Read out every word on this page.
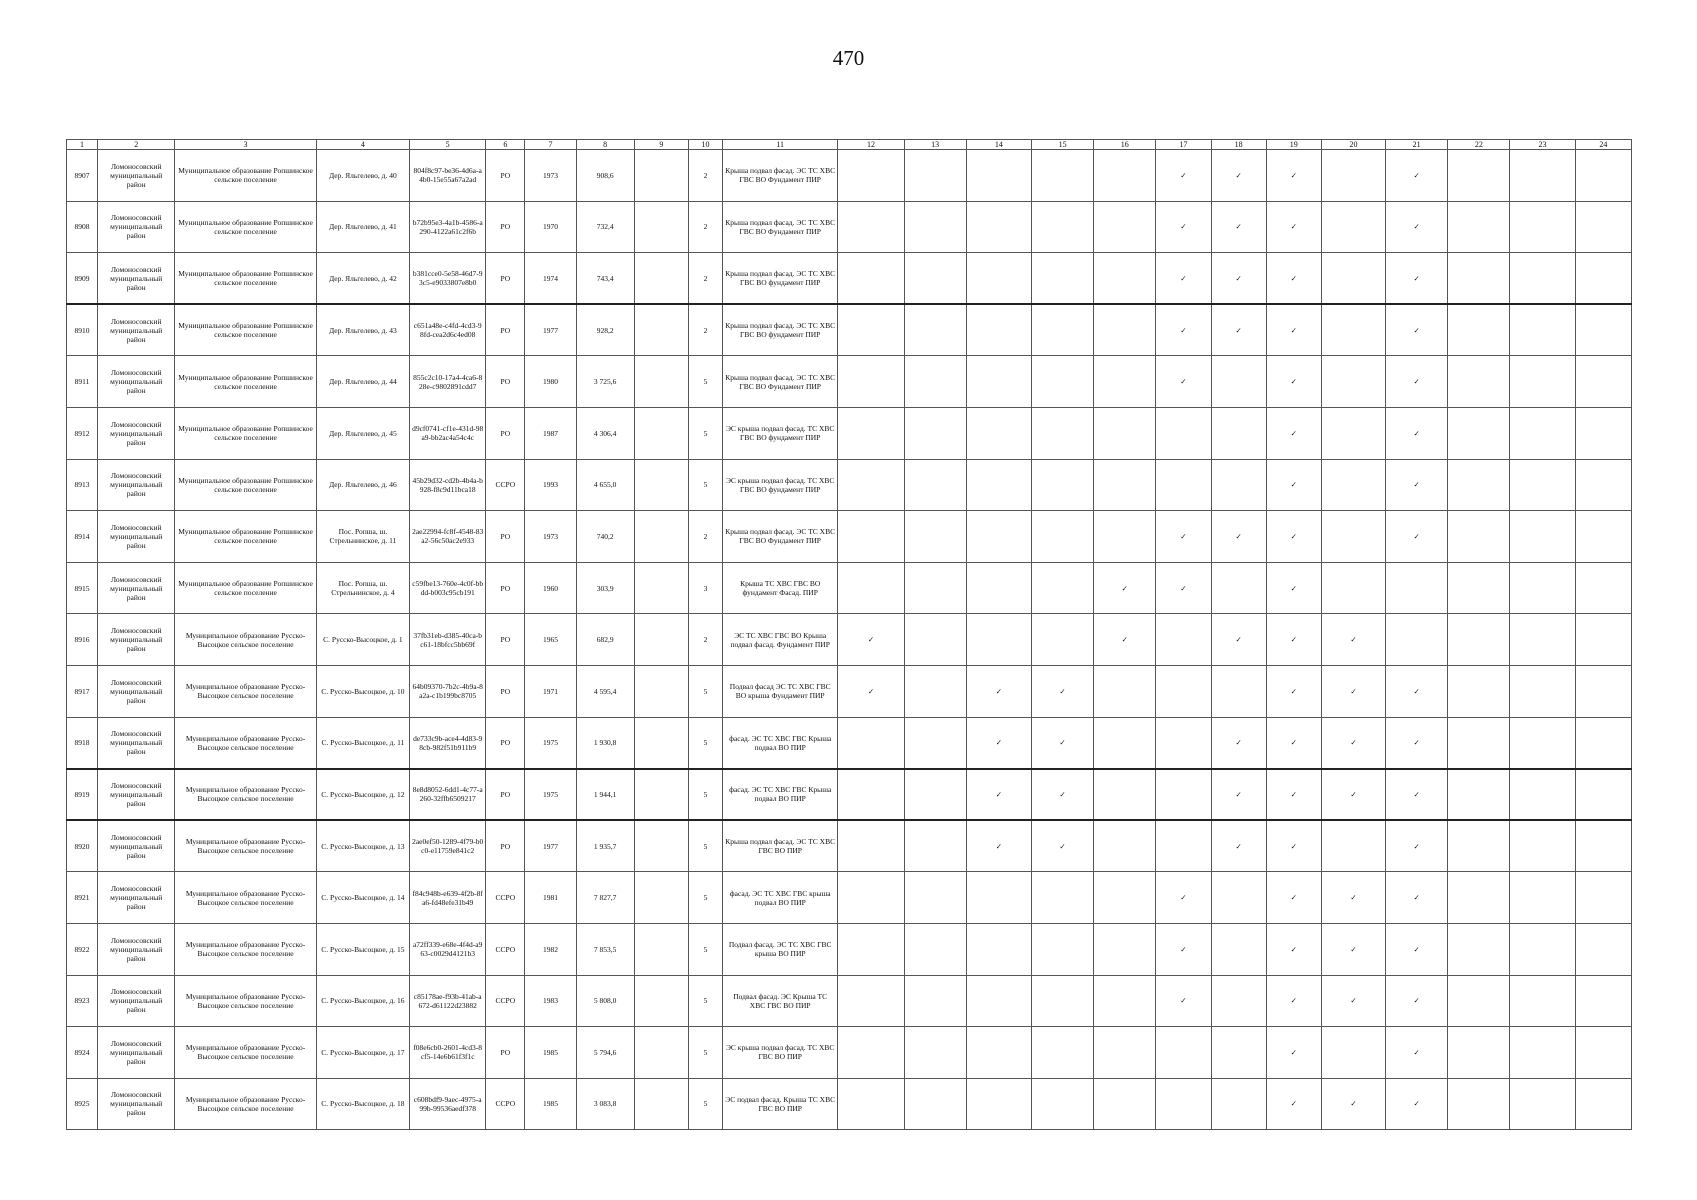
470
1	2	3	4	5	6	7	8	9	10	11	12	13	14	15	16	17	18	19	20	21	22	23	24
8907	Ломоносовский муниципальный район	Муниципальное образование Ропшинское сельское поселение	Дер. Яльгелево, д. 40	804f8c97-be36-4d6a-a4b0-15e55a67a2ad	РО	1973	908,6		2	Крыша подвал фасад. ЭС ТС ХВС ГВС ВО Фундамент ПИР						✓	✓	✓		✓			
8908	Ломоносовский муниципальный район	Муниципальное образование Ропшинское сельское поселение	Дер. Яльгелево, д. 41	b72b95e3-4a1b-4586-a290-4122a61c2f6b	РО	1970	732,4		2	Крыша подвал фасад. ЭС ТС ХВС ГВС ВО Фундамент ПИР						✓	✓	✓		✓			
8909	Ломоносовский муниципальный район	Муниципальное образование Ропшинское сельское поселение	Дер. Яльгелево, д. 42	b381cce0-5e58-46d7-93c5-e9033807e8b0	РО	1974	743,4		2	Крыша подвал фасад. ЭС ТС ХВС ГВС ВО фундамент ПИР						✓	✓	✓		✓			
8910	Ломоносовский муниципальный район	Муниципальное образование Ропшинское сельское поселение	Дер. Яльгелево, д. 43	c651a48e-c4fd-4cd3-98fd-cea2d6c4ed08	РО	1977	928,2		2	Крыша подвал фасад. ЭС ТС ХВС ГВС ВО фундамент ПИР						✓	✓	✓		✓			
8911	Ломоносовский муниципальный район	Муниципальное образование Ропшинское сельское поселение	Дер. Яльгелево, д. 44	855c2c10-17a4-4ca6-828e-c9802891cdd7	РО	1980	3 725,6		5	Крыша подвал фасад. ЭС ТС ХВС ГВС ВО Фундамент ПИР						✓		✓		✓			
8912	Ломоносовский муниципальный район	Муниципальное образование Ропшинское сельское поселение	Дер. Яльгелево, д. 45	d9cf0741-cf1e-431d-98a9-bb2ac4a54c4c	РО	1987	4 306,4		5	ЭС крыша подвал фасад. ТС ХВС ГВС ВО фундамент ПИР								✓		✓			
8913	Ломоносовский муниципальный район	Муниципальное образование Ропшинское сельское поселение	Дер. Яльгелево, д. 46	45b29d32-cd2b-4b4a-b928-f8c9d11bca18	ССРО	1993	4 655,0		5	ЭС крыша подвал фасад. ТС ХВС ГВС ВО фундамент ПИР								✓		✓			
8914	Ломоносовский муниципальный район	Муниципальное образование Ропшинское сельское поселение	Пос. Ропша, ш. Стрельнинское, д. 11	2ae22994-fc8f-4548-83a2-56c50ac2e933	РО	1973	740,2		2	Крыша подвал фасад. ЭС ТС ХВС ГВС ВО Фундамент ПИР						✓	✓	✓		✓			
8915	Ломоносовский муниципальный район	Муниципальное образование Ропшинское сельское поселение	Пос. Ропша, ш. Стрельнинское, д. 4	c59fbe13-760e-4c0f-bbdd-b003c95cb191	РО	1960	303,9		3	Крыша ТС ХВС ГВС ВО фундамент Фасад. ПИР					✓	✓		✓					
8916	Ломоносовский муниципальный район	Муниципальное образование Русско-Высоцкое сельское поселение	С. Русско-Высоцкое, д. 1	37fb31eb-d385-40ca-bc61-18bfcc5bb69f	РО	1965	682,9		2	ЭС ТС ХВС ГВС ВО Крыша подвал фасад. Фундамент ПИР	✓				✓		✓	✓	✓				
8917	Ломоносовский муниципальный район	Муниципальное образование Русско-Высоцкое сельское поселение	С. Русско-Высоцкое, д. 10	64b09370-7b2c-4b9a-8a2a-c1b199bc8705	РО	1971	4 595,4		5	Подвал фасад ЭС ТС ХВС ГВС ВО крыша Фундамент ПИР	✓		✓	✓				✓	✓	✓			
8918	Ломоносовский муниципальный район	Муниципальное образование Русско-Высоцкое сельское поселение	С. Русско-Высоцкое, д. 11	de733c9b-ace4-4d83-98cb-982f51b911b9	РО	1975	1 930,8		5	фасад. ЭС ТС ХВС ГВС Крыша подвал ВО ПИР			✓	✓			✓	✓	✓	✓			
8919	Ломоносовский муниципальный район	Муниципальное образование Русско-Высоцкое сельское поселение	С. Русско-Высоцкое, д. 12	8e8d8052-6dd1-4c77-a260-32ffb6509217	РО	1975	1 944,1		5	фасад. ЭС ТС ХВС ГВС Крыша подвал ВО ПИР			✓	✓			✓	✓	✓	✓			
8920	Ломоносовский муниципальный район	Муниципальное образование Русско-Высоцкое сельское поселение	С. Русско-Высоцкое, д. 13	2ae0ef50-1289-4f79-b0c0-e11759e841c2	РО	1977	1 935,7		5	Крыша подвал фасад. ЭС ТС ХВС ГВС ВО ПИР			✓	✓			✓	✓		✓			
8921	Ломоносовский муниципальный район	Муниципальное образование Русско-Высоцкое сельское поселение	С. Русско-Высоцкое, д. 14	f84c948b-e639-4f2b-8fa6-fd48efe31b49	ССРО	1981	7 827,7		5	фасад. ЭС ТС ХВС ГВС крыша подвал ВО ПИР						✓		✓	✓	✓			
8922	Ломоносовский муниципальный район	Муниципальное образование Русско-Высоцкое сельское поселение	С. Русско-Высоцкое, д. 15	a72ff339-e68e-4f4d-a963-c0029d4121b3	ССРО	1982	7 853,5		5	Подвал фасад. ЭС ТС ХВС ГВС крыша ВО ПИР						✓		✓	✓	✓			
8923	Ломоносовский муниципальный район	Муниципальное образование Русско-Высоцкое сельское поселение	С. Русско-Высоцкое, д. 16	c85178ae-f93b-41ab-a672-d61122d23882	ССРО	1983	5 808,0		5	Подвал фасад. ЭС Крыша ТС ХВС ГВС ВО ПИР						✓		✓	✓	✓			
8924	Ломоносовский муниципальный район	Муниципальное образование Русско-Высоцкое сельское поселение	С. Русско-Высоцкое, д. 17	f08e6cb0-2601-4cd3-8cf5-14e6b61f3f1c	РО	1985	5 794,6		5	ЭС крыша подвал фасад. ТС ХВС ГВС ВО ПИР								✓		✓			
8925	Ломоносовский муниципальный район	Муниципальное образование Русско-Высоцкое сельское поселение	С. Русско-Высоцкое, д. 18	c608bdf9-9aec-4975-a99b-99536aedf378	ССРО	1985	3 083,8		5	ЭС подвал фасад. Крыша ТС ХВС ГВС ВО ПИР								✓	✓	✓			
